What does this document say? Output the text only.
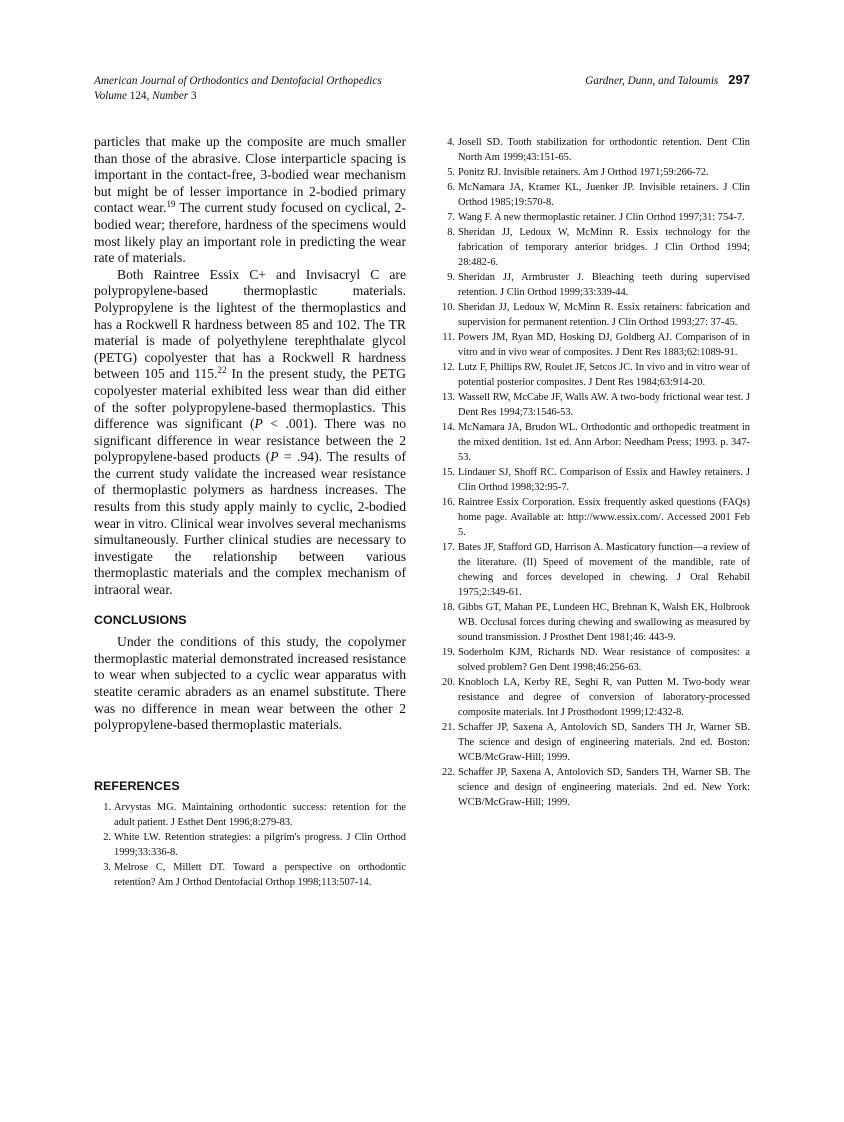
American Journal of Orthodontics and Dentofacial Orthopedics
Volume 124, Number 3
Gardner, Dunn, and Taloumis 297

particles that make up the composite are much smaller than those of the abrasive. Close interparticle spacing is important in the contact-free, 3-bodied wear mechanism but might be of lesser importance in 2-bodied primary contact wear.$^{19}$ The current study focused on cyclical, 2-bodied wear; therefore, hardness of the specimens would most likely play an important role in predicting the wear rate of materials.

Both Raintree Essix C+ and Invisacryl C are polypropylene-based thermoplastic materials. Polypropylene is the lightest of the thermoplastics and has a Rockwell R hardness between 85 and 102. The TR material is made of polyethylene terephthalate glycol (PETG) copolyester that has a Rockwell R hardness between 105 and 115.22 In the present study, the PETG copolyester material exhibited less wear than did either of the softer polypropylene-based thermoplastics. This difference was significant (P < .001). There was no significant difference in wear resistance between the 2 polypropylene-based products (P = .94). The results of the current study validate the increased wear resistance of thermoplastic polymers as hardness increases. The results from this study apply mainly to cyclic, 2-bodied wear in vitro. Clinical wear involves several mechanisms simultaneously. Further clinical studies are necessary to investigate the relationship between various thermoplastic materials and the complex mechanism of intraoral wear.

CONCLUSIONS

Under the conditions of this study, the copolymer thermoplastic material demonstrated increased resistance to wear when subjected to a cyclic wear apparatus with steatite ceramic abraders as an enamel substitute. There was no difference in mean wear between the other 2 polypropylene-based thermoplastic materials.

REFERENCES
1. Arvystas MG. Maintaining orthodontic success: retention for the adult patient. J Esthet Dent 1996;8:279-83.
2. White LW. Retention strategies: a pilgrim's progress. J Clin Orthod 1999;33:336-8.
3. Melrose C, Millett DT. Toward a perspective on orthodontic retention? Am J Orthod Dentofacial Orthop 1998;113:507-14.
4. Josell SD. Tooth stabilization for orthodontic retention. Dent Clin North Am 1999;43:151-65.
5. Ponitz RJ. Invisible retainers. Am J Orthod 1971;59:266-72.
6. McNamara JA, Kramer KL, Juenker JP. Invisible retainers. J Clin Orthod 1985;19:570-8.
7. Wang F. A new thermoplastic retainer. J Clin Orthod 1997;31: 754-7.
8. Sheridan JJ, Ledoux W, McMinn R. Essix technology for the fabrication of temporary anterior bridges. J Clin Orthod 1994; 28:482-6.
9. Sheridan JJ, Armbruster J. Bleaching teeth during supervised retention. J Clin Orthod 1999;33:339-44.
10. Sheridan JJ, Ledoux W, McMinn R. Essix retainers: fabrication and supervision for permanent retention. J Clin Orthod 1993;27: 37-45.
11. Powers JM, Ryan MD, Hosking DJ, Goldberg AJ. Comparison of in vitro and in vivo wear of composites. J Dent Res 1883;62:1089-91.
12. Lutz F, Phillips RW, Roulet JF, Setcos JC. In vivo and in vitro wear of potential posterior composites. J Dent Res 1984;63:914-20.
13. Wassell RW, McCabe JF, Walls AW. A two-body frictional wear test. J Dent Res 1994;73:1546-53.
14. McNamara JA, Brudon WL. Orthodontic and orthopedic treatment in the mixed dentition. 1st ed. Ann Arbor: Needham Press; 1993. p. 347-53.
15. Lindauer SJ, Shoff RC. Comparison of Essix and Hawley retainers. J Clin Orthod 1998;32:95-7.
16. Raintree Essix Corporation. Essix frequently asked questions (FAQs) home page. Available at: http://www.essix.com/. Accessed 2001 Feb 5.
17. Bates JF, Stafford GD, Harrison A. Masticatory function—a review of the literature. (II) Speed of movement of the mandible, rate of chewing and forces developed in chewing. J Oral Rehabil 1975;2:349-61.
18. Gibbs GT, Mahan PE, Lundeen HC, Brehnan K, Walsh EK, Holbrook WB. Occlusal forces during chewing and swallowing as measured by sound transmission. J Prosthet Dent 1981;46: 443-9.
19. Soderholm KJM, Richards ND. Wear resistance of composites: a solved problem? Gen Dent 1998;46:256-63.
20. Knobloch LA, Kerby RE, Seghi R, van Putten M. Two-body wear resistance and degree of conversion of laboratory-processed composite materials. Int J Prosthodont 1999;12:432-8.
21. Schaffer JP, Saxena A, Antolovich SD, Sanders TH Jr, Warner SB. The science and design of engineering materials. 2nd ed. Boston: WCB/McGraw-Hill; 1999.
22. Schaffer JP, Saxena A, Antolovich SD, Sanders TH, Warner SB. The science and design of engineering materials. 2nd ed. New York: WCB/McGraw-Hill; 1999.
